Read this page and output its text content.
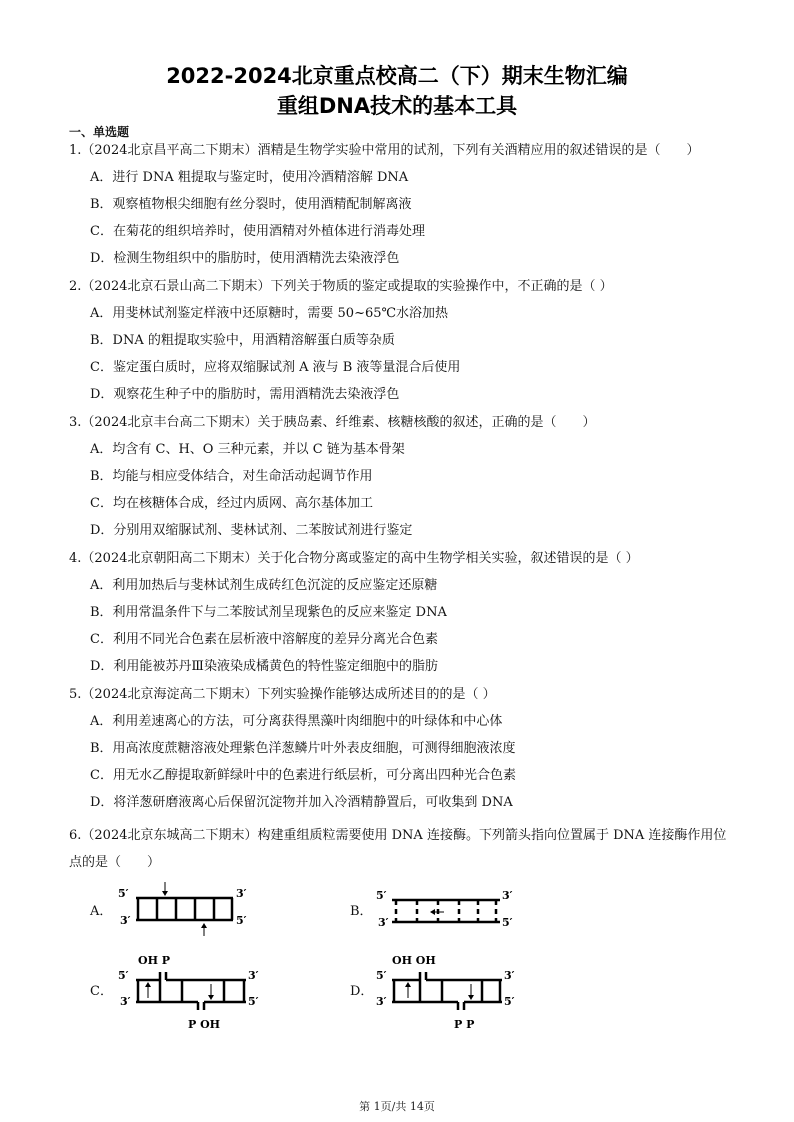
2022-2024北京重点校高二（下）期末生物汇编
重组DNA技术的基本工具
一、单选题
1.（2024北京昌平高二下期末）酒精是生物学实验中常用的试剂，下列有关酒精应用的叙述错误的是（　　）
A．进行 DNA 粗提取与鉴定时，使用冷酒精溶解 DNA
B．观察植物根尖细胞有丝分裂时，使用酒精配制解离液
C．在菊花的组织培养时，使用酒精对外植体进行消毒处理
D．检测生物组织中的脂肪时，使用酒精洗去染液浮色
2.（2024北京石景山高二下期末）下列关于物质的鉴定或提取的实验操作中，不正确的是（ ）
A．用斐林试剂鉴定样液中还原糖时，需要 50~65℃水浴加热
B．DNA 的粗提取实验中，用酒精溶解蛋白质等杂质
C．鉴定蛋白质时，应将双缩脲试剂 A 液与 B 液等量混合后使用
D．观察花生种子中的脂肪时，需用酒精洗去染液浮色
3.（2024北京丰台高二下期末）关于胰岛素、纤维素、核糖核酸的叙述，正确的是（　　）
A．均含有 C、H、O 三种元素，并以 C 链为基本骨架
B．均能与相应受体结合，对生命活动起调节作用
C．均在核糖体合成，经过内质网、高尔基体加工
D．分别用双缩脲试剂、斐林试剂、二苯胺试剂进行鉴定
4.（2024北京朝阳高二下期末）关于化合物分离或鉴定的高中生物学相关实验，叙述错误的是（ ）
A．利用加热后与斐林试剂生成砖红色沉淀的反应鉴定还原糖
B．利用常温条件下与二苯胺试剂呈现紫色的反应来鉴定 DNA
C．利用不同光合色素在层析液中溶解度的差异分离光合色素
D．利用能被苏丹Ⅲ染液染成橘黄色的特性鉴定细胞中的脂肪
5.（2024北京海淀高二下期末）下列实验操作能够达成所述目的的是（ ）
A．利用差速离心的方法，可分离获得黑藻叶肉细胞中的叶绿体和中心体
B．用高浓度蔗糖溶液处理紫色洋葱鳞片叶外表皮细胞，可测得细胞液浓度
C．用无水乙醇提取新鲜绿叶中的色素进行纸层析，可分离出四种光合色素
D．将洋葱研磨液离心后保留沉淀物并加入冷酒精静置后，可收集到 DNA
6.（2024北京东城高二下期末）构建重组质粒需要使用 DNA 连接酶。下列箭头指向位置属于 DNA 连接酶作用位点的是（　　）
A．
5′
3′
3′
5′
B．
5′
3′
3′
5′
C．
OH P
P OH
5′
3′
3′
5′
D．
OH OH
P P
5′
3′
3′
5′
第 1页/共 14页
